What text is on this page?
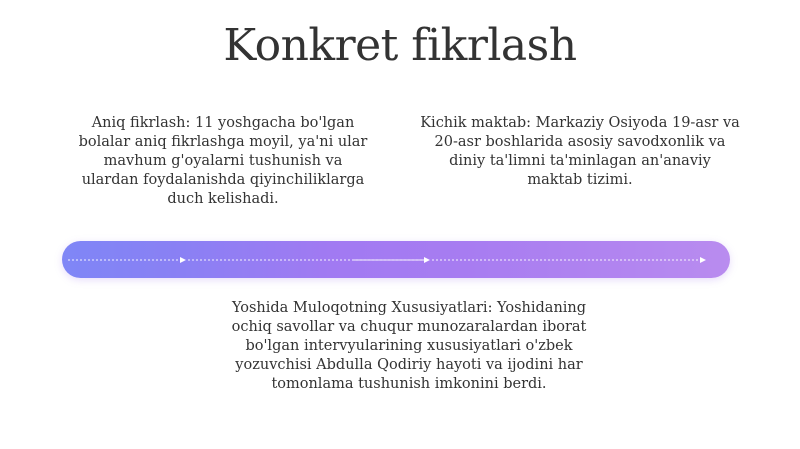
Konkret fikrlash

Aniq fikrlash: 11 yoshgacha bo'lgan bolalar aniq fikrlashga moyil, ya'ni ular mavhum g'oyalarni tushunish va ulardan foydalanishda qiyinchiliklarga duch kelishadi.

Kichik maktab: Markaziy Osiyoda 19-asr va 20-asr boshlarida asosiy savodxonlik va diniy ta'limni ta'minlagan an'anaviy maktab tizimi.

Yoshida Muloqotning Xususiyatlari: Yoshidaning ochiq savollar va chuqur munozaralardan iborat bo'lgan intervyularining xususiyatlari o'zbek yozuvchisi Abdulla Qodiriy hayoti va ijodini har tomonlama tushunish imkonini berdi.
